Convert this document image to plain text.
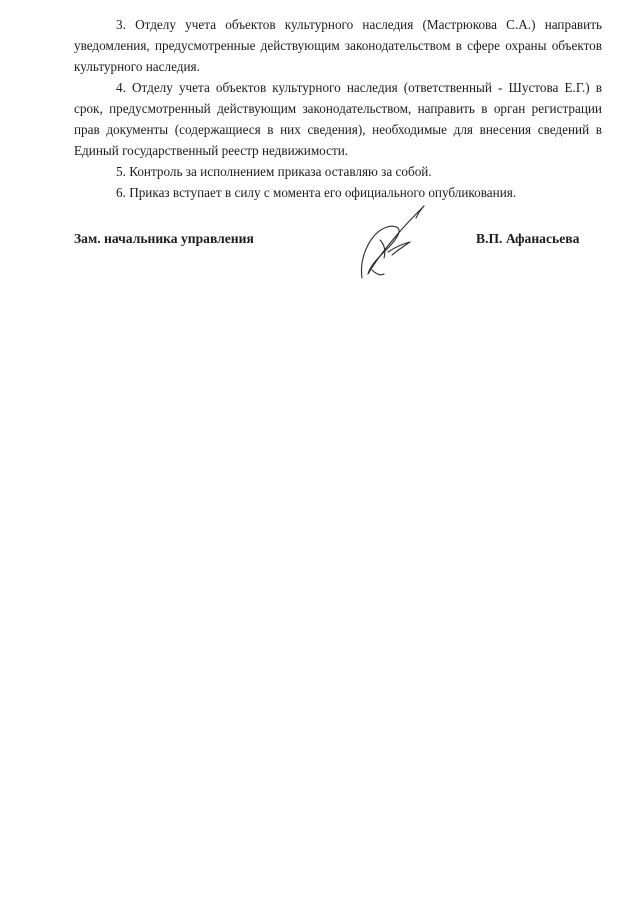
3. Отделу учета объектов культурного наследия (Мастрюкова С.А.) направить уведомления, предусмотренные действующим законодательством в сфере охраны объектов культурного наследия.

4. Отделу учета объектов культурного наследия (ответственный - Шустова Е.Г.) в срок, предусмотренный действующим законодательством, направить в орган регистрации прав документы (содержащиеся в них сведения), необходимые для внесения сведений в Единый государственный реестр недвижимости.

5. Контроль за исполнением приказа оставляю за собой.

6. Приказ вступает в силу с момента его официального опубликования.

Зам. начальника управления	В.П. Афанасьева
